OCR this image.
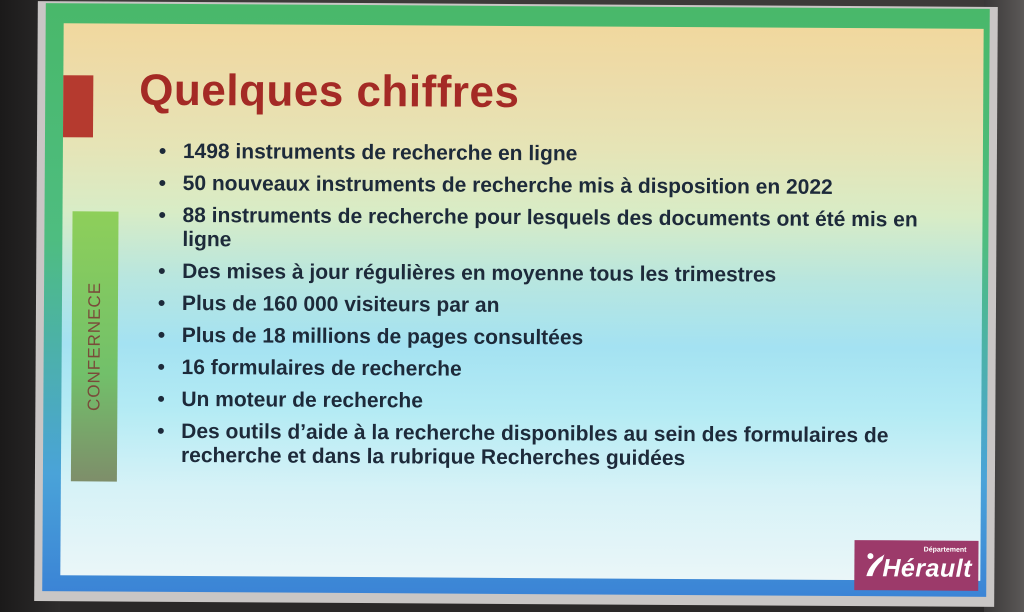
CONFERNECE
Quelques chiffres
• 1498 instruments de recherche en ligne
• 50 nouveaux instruments de recherche mis à disposition en 2022
• 88 instruments de recherche pour lesquels des documents ont été mis en ligne
• Des mises à jour régulières en moyenne tous les trimestres
• Plus de 160 000 visiteurs par an
• Plus de 18 millions de pages consultées
• 16 formulaires de recherche
• Un moteur de recherche
• Des outils d’aide à la recherche disponibles au sein des formulaires de recherche et dans la rubrique Recherches guidées
Département
Hérault
